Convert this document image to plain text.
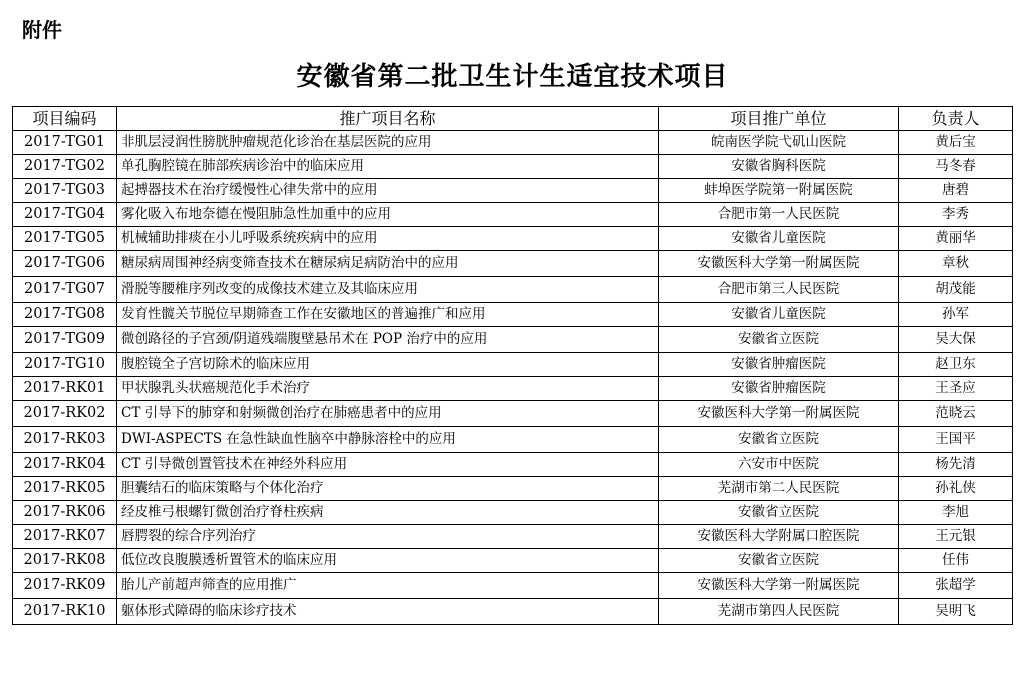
附件
安徽省第二批卫生计生适宜技术项目
项目编码	推广项目名称	项目推广单位	负责人
2017-TG01	非肌层浸润性膀胱肿瘤规范化诊治在基层医院的应用	皖南医学院弋矶山医院	黄后宝
2017-TG02	单孔胸腔镜在肺部疾病诊治中的临床应用	安徽省胸科医院	马冬春
2017-TG03	起搏器技术在治疗缓慢性心律失常中的应用	蚌埠医学院第一附属医院	唐碧
2017-TG04	雾化吸入布地奈德在慢阻肺急性加重中的应用	合肥市第一人民医院	李秀
2017-TG05	机械辅助排痰在小儿呼吸系统疾病中的应用	安徽省儿童医院	黄丽华
2017-TG06	糖尿病周围神经病变筛查技术在糖尿病足病防治中的应用	安徽医科大学第一附属医院	章秋
2017-TG07	滑脱等腰椎序列改变的成像技术建立及其临床应用	合肥市第三人民医院	胡茂能
2017-TG08	发育性髋关节脱位早期筛查工作在安徽地区的普遍推广和应用	安徽省儿童医院	孙军
2017-TG09	微创路径的子宫颈/阴道残端腹壁悬吊术在 POP 治疗中的应用	安徽省立医院	吴大保
2017-TG10	腹腔镜全子宫切除术的临床应用	安徽省肿瘤医院	赵卫东
2017-RK01	甲状腺乳头状癌规范化手术治疗	安徽省肿瘤医院	王圣应
2017-RK02	CT 引导下的肺穿和射频微创治疗在肺癌患者中的应用	安徽医科大学第一附属医院	范晓云
2017-RK03	DWI-ASPECTS 在急性缺血性脑卒中静脉溶栓中的应用	安徽省立医院	王国平
2017-RK04	CT 引导微创置管技术在神经外科应用	六安市中医院	杨先清
2017-RK05	胆囊结石的临床策略与个体化治疗	芜湖市第二人民医院	孙礼侠
2017-RK06	经皮椎弓根螺钉微创治疗脊柱疾病	安徽省立医院	李旭
2017-RK07	唇腭裂的综合序列治疗	安徽医科大学附属口腔医院	王元银
2017-RK08	低位改良腹膜透析置管术的临床应用	安徽省立医院	任伟
2017-RK09	胎儿产前超声筛查的应用推广	安徽医科大学第一附属医院	张超学
2017-RK10	躯体形式障碍的临床诊疗技术	芜湖市第四人民医院	吴明飞
